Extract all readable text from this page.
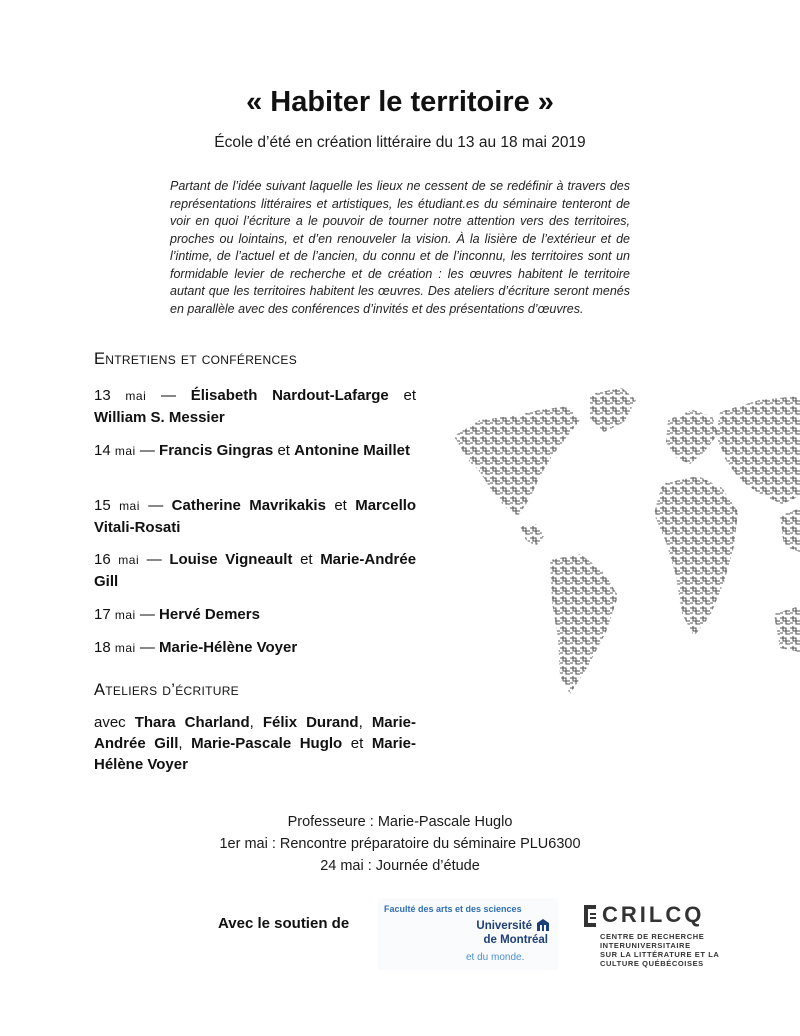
« Habiter le territoire »
École d’été en création littéraire du 13 au 18 mai 2019

Partant de l’idée suivant laquelle les lieux ne cessent de se redéfinir à travers des représentations littéraires et artistiques, les étudiant.es du séminaire tenteront de voir en quoi l’écriture a le pouvoir de tourner notre attention vers des territoires, proches ou lointains, et d’en renouveler la vision. À la lisière de l’extérieur et de l’intime, de l’actuel et de l’ancien, du connu et de l’inconnu, les territoires sont un formidable levier de recherche et de création : les œuvres habitent le territoire autant que les territoires habitent les œuvres. Des ateliers d’écriture seront menés en parallèle avec des conférences d’invités et des présentations d’œuvres.

Entretiens et conférences
13 mai — Élisabeth Nardout-Lafarge et William S. Messier
14 mai — Francis Gingras et Antonine Maillet
15 mai — Catherine Mavrikakis et Marcello Vitali-Rosati
16 mai — Louise Vigneault et Marie-Andrée Gill
17 mai — Hervé Demers
18 mai — Marie-Hélène Voyer
Ateliers d’écriture
avec Thara Charland, Félix Durand, Marie-Andrée Gill, Marie-Pascale Huglo et Marie-Hélène Voyer
Professeure : Marie-Pascale Huglo
1er mai : Rencontre préparatoire du séminaire PLU6300
24 mai : Journée d’étude
Avec le soutien de
Faculté des arts et des sciences
Université
de Montréal
et du monde.
CRILCQ
CENTRE DE RECHERCHE
INTERUNIVERSITAIRE
SUR LA LITTÉRATURE ET LA
CULTURE QUÉBÉCOISES
